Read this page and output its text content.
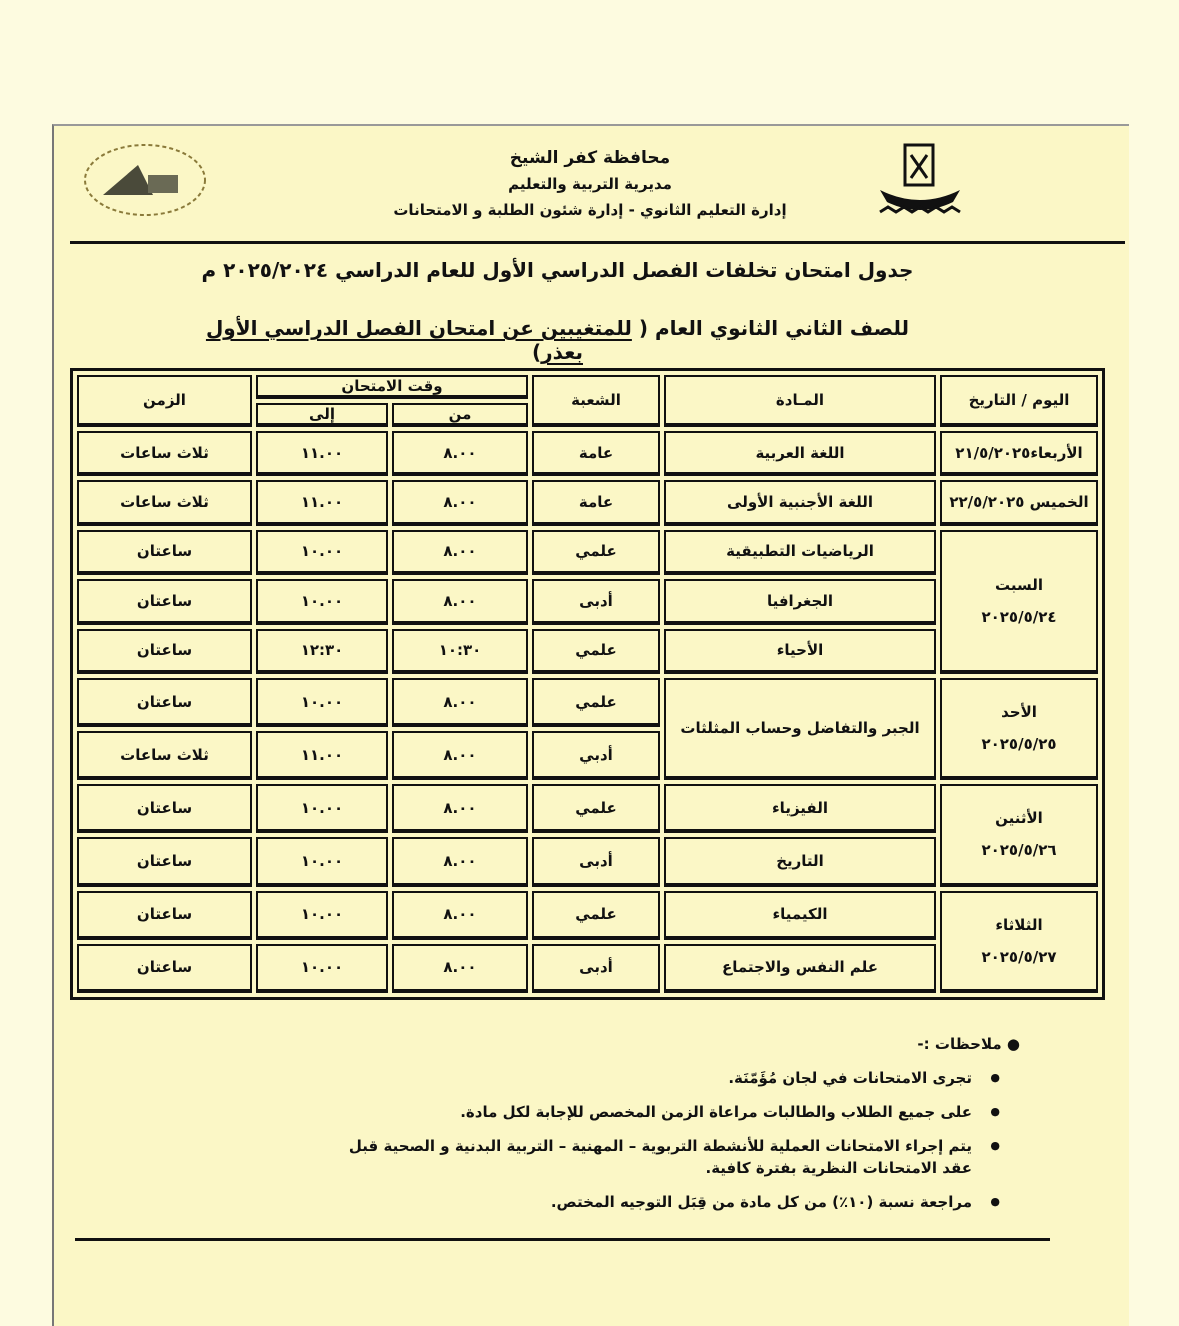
محافظة كفر الشيخ
مديرية التربية والتعليم
إدارة التعليم الثانوي - إدارة شئون الطلبة و الامتحانات
جدول امتحان تخلفات الفصل الدراسي الأول للعام الدراسي ٢٠٢٥/٢٠٢٤ م
للصف الثاني الثانوي العام ( للمتغيبين عن امتحان الفصل الدراسي الأول بعذر)
اليوم / التاريخ	المـادة	الشعبة	وقت الامتحان		الزمن
			من	إلى	

الأربعاء٢١/٥/٢٠٢٥	اللغة العربية	عامة	٨.٠٠	١١.٠٠	ثلاث ساعات

الخميس ٢٢/٥/٢٠٢٥	اللغة الأجنبية الأولى	عامة	٨.٠٠	١١.٠٠	ثلاث ساعات

السبت
٢٠٢٥/٥/٢٤	الرياضيات التطبيقية	علمي	٨.٠٠	١٠.٠٠	ساعتان
	الجغرافيا	أدبى	٨.٠٠	١٠.٠٠	ساعتان
	الأحياء	علمي	١٠:٣٠	١٢:٣٠	ساعتان

الأحد
٢٠٢٥/٥/٢٥	الجبر والتفاضل وحساب المثلثات	علمي	٨.٠٠	١٠.٠٠	ساعتان
		أدبي	٨.٠٠	١١.٠٠	ثلاث ساعات

الأثنين
٢٠٢٥/٥/٢٦	الفيزياء	علمي	٨.٠٠	١٠.٠٠	ساعتان
	التاريخ	أدبى	٨.٠٠	١٠.٠٠	ساعتان

الثلاثاء
٢٠٢٥/٥/٢٧	الكيمياء	علمي	٨.٠٠	١٠.٠٠	ساعتان
	علم النفس والاجتماع	أدبى	٨.٠٠	١٠.٠٠	ساعتان
● ملاحظات :-
● تجرى الامتحانات في لجان مُؤَمّنَة.
● على جميع الطلاب والطالبات مراعاة الزمن المخصص للإجابة لكل مادة.
● يتم إجراء الامتحانات العملية للأنشطة التربوية – المهنية – التربية البدنية و الصحية قبل عقد الامتحانات النظرية بفترة كافية.
● مراجعة نسبة (١٠٪) من كل مادة من قِبَل التوجيه المختص.
